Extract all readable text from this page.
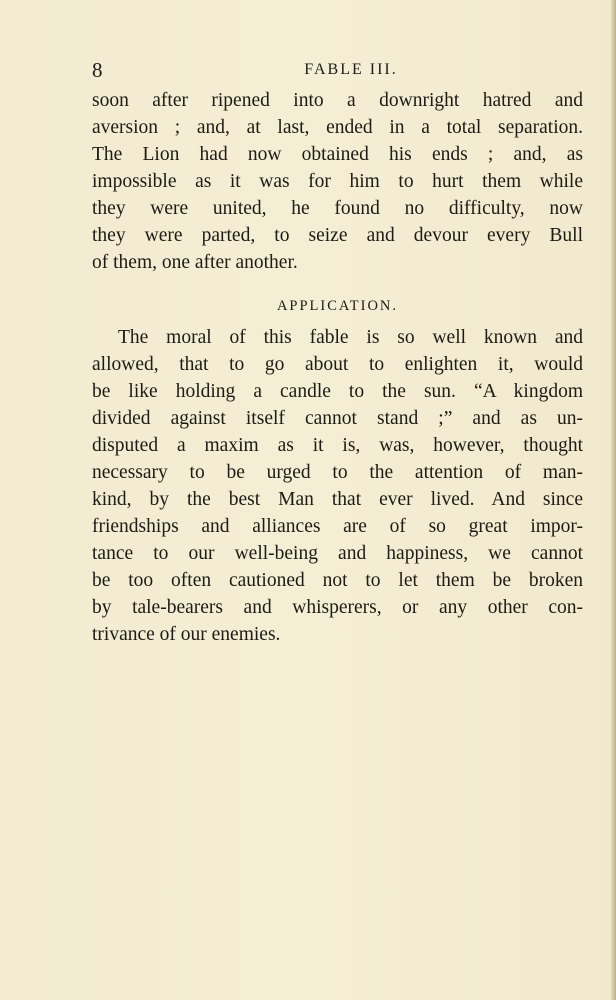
8	FABLE III.
soon after ripened into a downright hatred and
aversion ; and, at last, ended in a total separation.
The Lion had now obtained his ends ; and, as
impossible as it was for him to hurt them while
they were united, he found no difficulty, now
they were parted, to seize and devour every Bull
of them, one after another.
APPLICATION.
The moral of this fable is so well known and
allowed, that to go about to enlighten it, would
be like holding a candle to the sun. “A kingdom
divided against itself cannot stand ;” and as un-
disputed a maxim as it is, was, however, thought
necessary to be urged to the attention of man-
kind, by the best Man that ever lived. And since
friendships and alliances are of so great impor-
tance to our well-being and happiness, we cannot
be too often cautioned not to let them be broken
by tale-bearers and whisperers, or any other con-
trivance of our enemies.
